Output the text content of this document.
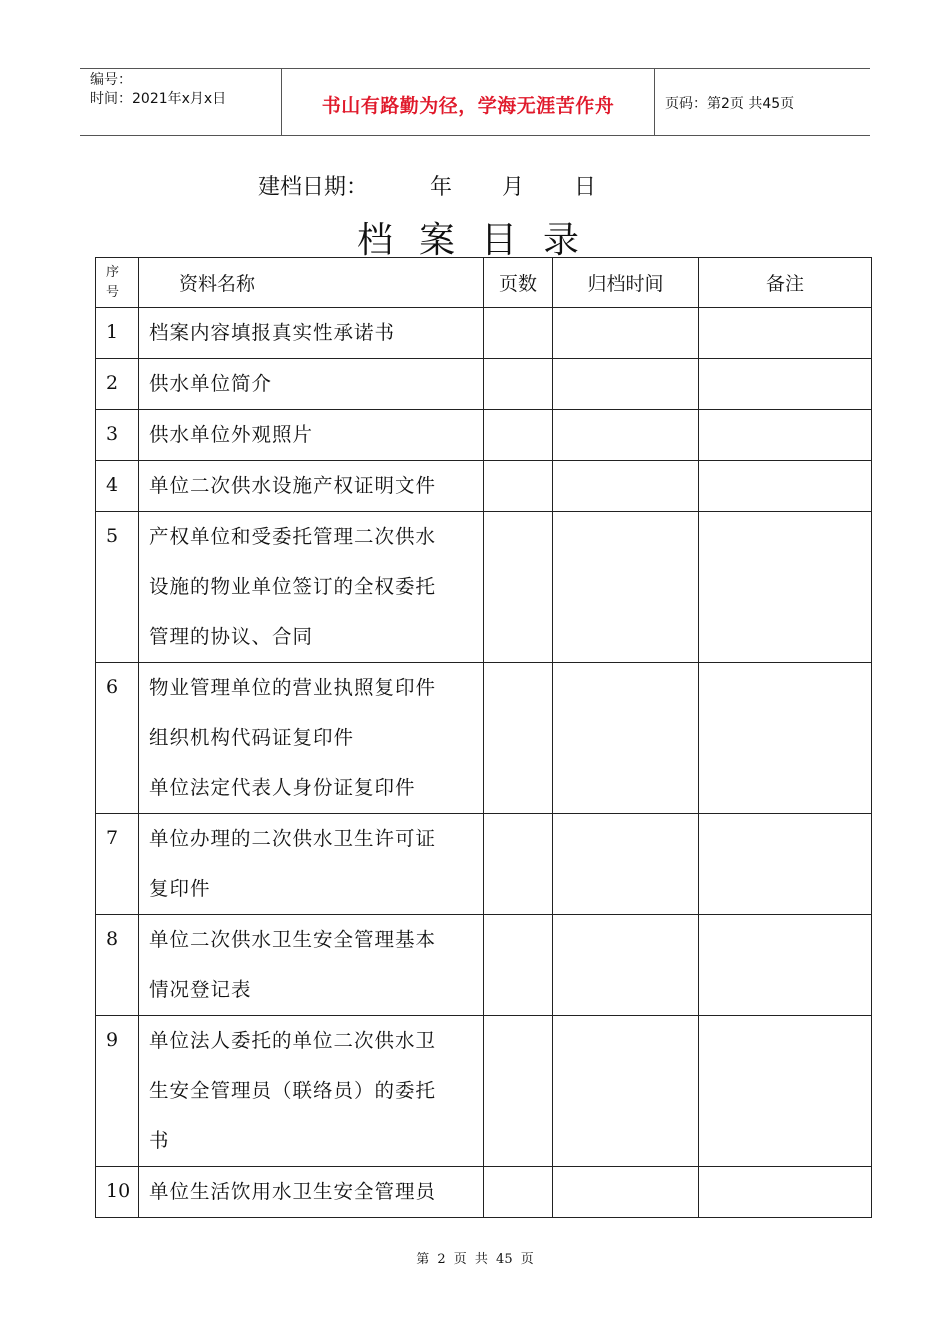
编号：
时间：2021年x月x日	书山有路勤为径，学海无涯苦作舟	页码：第2页 共45页
建档日期：	年 月 日
档案目录
序号	资料名称	页数	归档时间	备注
1	档案内容填报真实性承诺书			

2	供水单位简介			

3	供水单位外观照片			

4	单位二次供水设施产权证明文件			

5	产权单位和受委托管理二次供水
设施的物业单位签订的全权委托
管理的协议、合同			

6	物业管理单位的营业执照复印件
组织机构代码证复印件
单位法定代表人身份证复印件			

7	单位办理的二次供水卫生许可证
复印件			

8	单位二次供水卫生安全管理基本
情况登记表			

9	单位法人委托的单位二次供水卫
生安全管理员（联络员）的委托
书			

10	单位生活饮用水卫生安全管理员			

第 2 页 共 45 页
